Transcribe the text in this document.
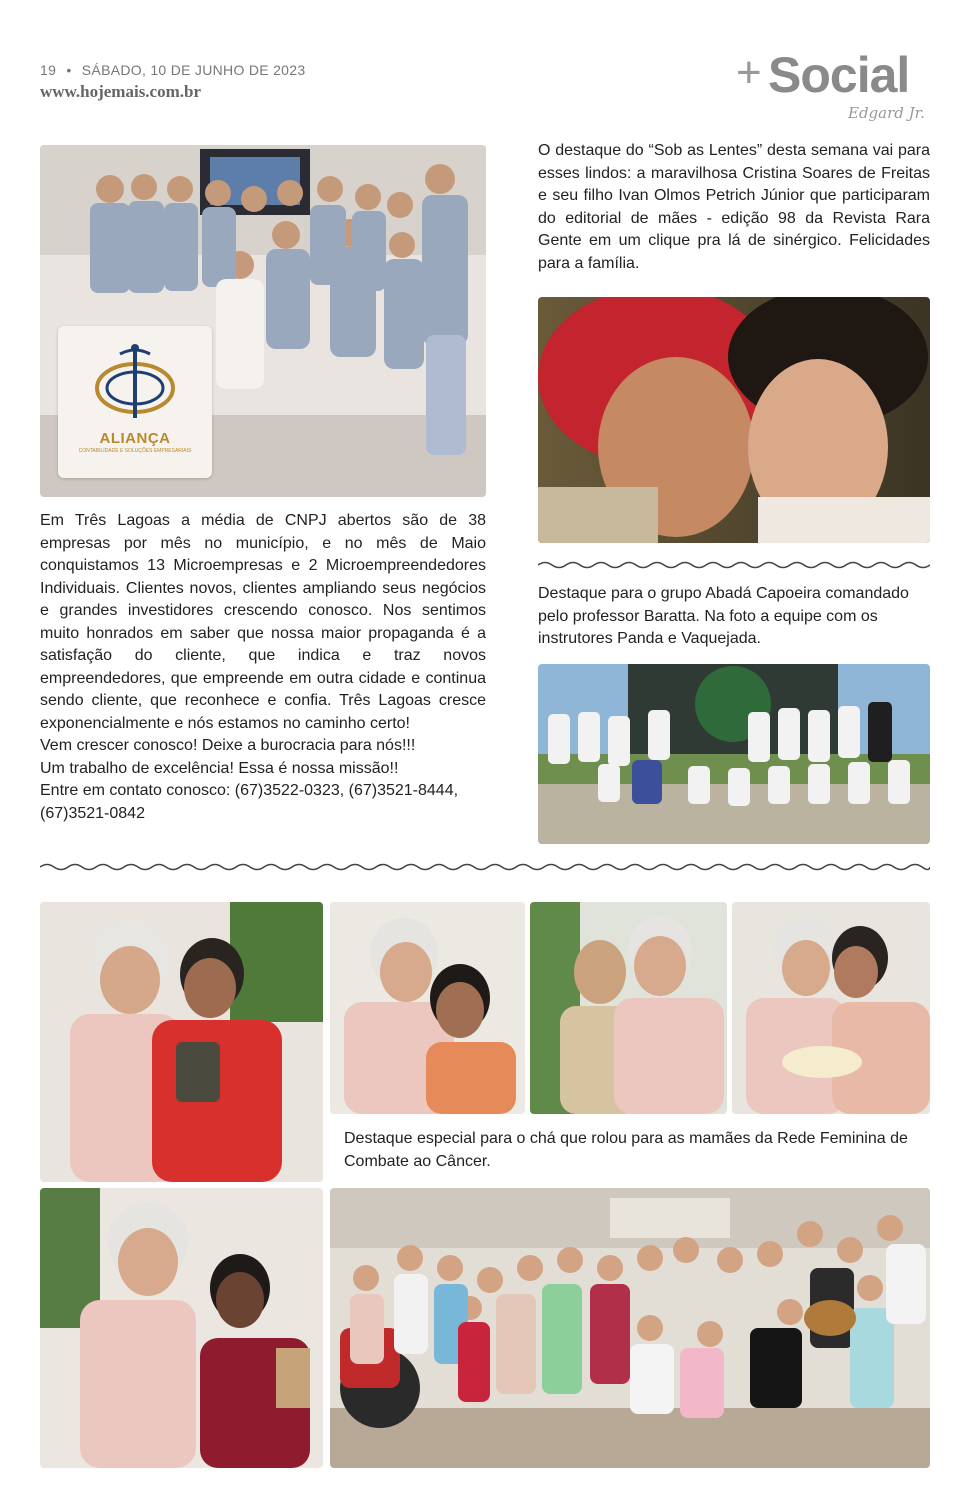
19 • SÁBADO, 10 DE JUNHO DE 2023
www.hojemais.com.br	+ Social
Edgard Jr.
ALIANÇA
CONTABILIDADE E SOLUÇÕES EMPRESARIAIS
O destaque do “Sob as Lentes” desta semana vai para esses lindos: a maravilhosa Cristina Soares de Freitas e seu filho Ivan Olmos Petrich Júnior que participaram do editorial de mães - edição 98 da Revista Rara Gente em um clique pra lá de sinérgico. Felicidades para a família.
Destaque para o grupo Abadá Capoeira comandado pelo professor Baratta. Na foto a equipe com os instrutores Panda e Vaquejada.

Em Três Lagoas a média de CNPJ abertos são de 38 empresas por mês no município, e no mês de Maio conquistamos 13 Microempresas e 2 Microempreendedores Individuais. Clientes novos, clientes ampliando seus negócios e grandes investidores crescendo conosco. Nos sentimos muito honrados em saber que nossa maior propaganda é a satisfação do cliente, que indica e traz novos empreendedores, que empreende em outra cidade e continua sendo cliente, que reconhece e confia. Três Lagoas cresce exponencialmente e nós estamos no caminho certo!

Vem crescer conosco! Deixe a burocracia para nós!!!

Um trabalho de excelência! Essa é nossa missão!!

Entre em contato conosco: (67)3522-0323, (67)3521-8444, (67)3521-0842

Destaque especial para o chá que rolou para as mamães da Rede Feminina de Combate ao Câncer.
